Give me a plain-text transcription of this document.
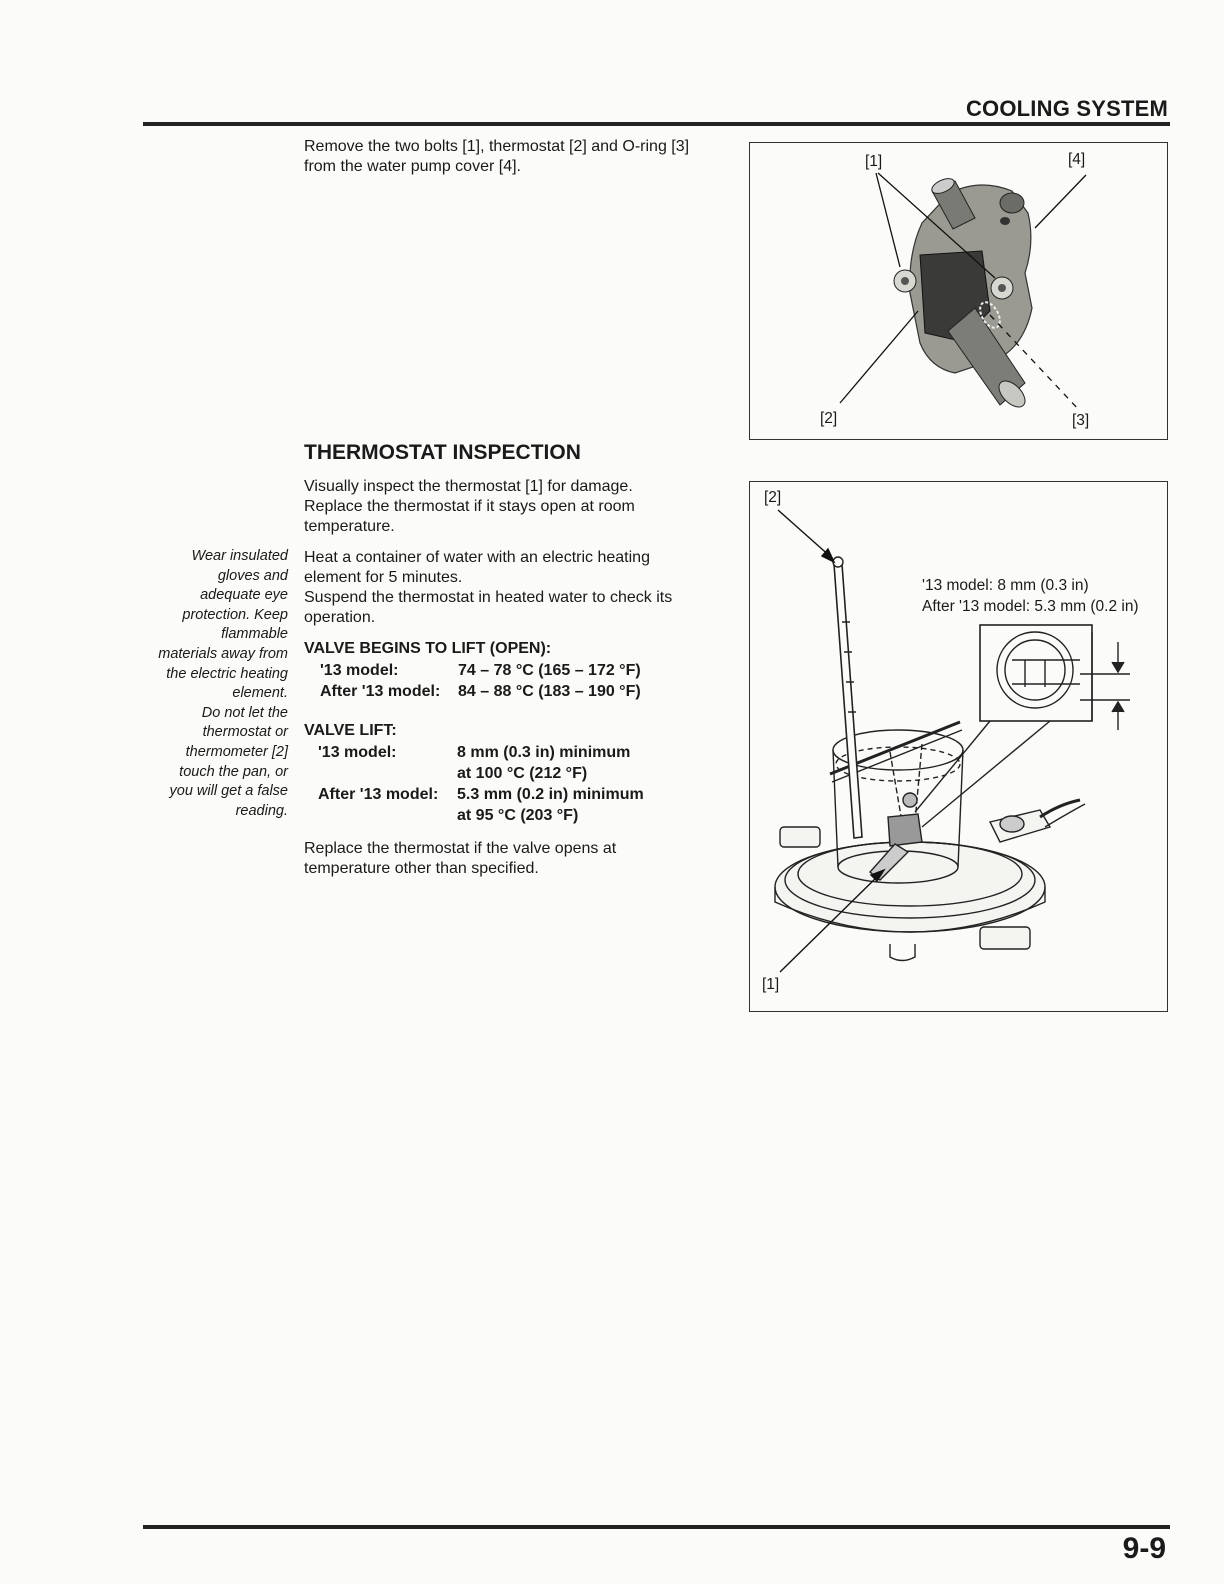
COOLING SYSTEM
Remove the two bolts [1], thermostat [2] and O-ring [3]
from the water pump cover [4].	[1]	[4]
[2]	[3]
THERMOSTAT INSPECTION
Visually inspect the thermostat [1] for damage.
Replace the thermostat if it stays open at room
temperature.
Heat a container of water with an electric heating
element for 5 minutes.
Suspend the thermostat in heated water to check its
operation.
VALVE BEGINS TO LIFT (OPEN):
'13 model:	74 – 78 °C (165 – 172 °F)
After '13 model: 84 – 88 °C (183 – 190 °F)
VALVE LIFT:
'13 model:	8 mm (0.3 in) minimum
at 100 °C (212 °F)
After '13 model: 5.3 mm (0.2 in) minimum
at 95 °C (203 °F)
Replace the thermostat if the valve opens at
temperature other than specified.
Wear insulated
gloves and
adequate eye
protection. Keep
flammable
materials away from
the electric heating
element.
Do not let the
thermostat or
thermometer [2]
touch the pan, or
you will get a false
reading.
[2]
'13 model: 8 mm (0.3 in)
After '13 model: 5.3 mm (0.2 in)
[1]
9-9
